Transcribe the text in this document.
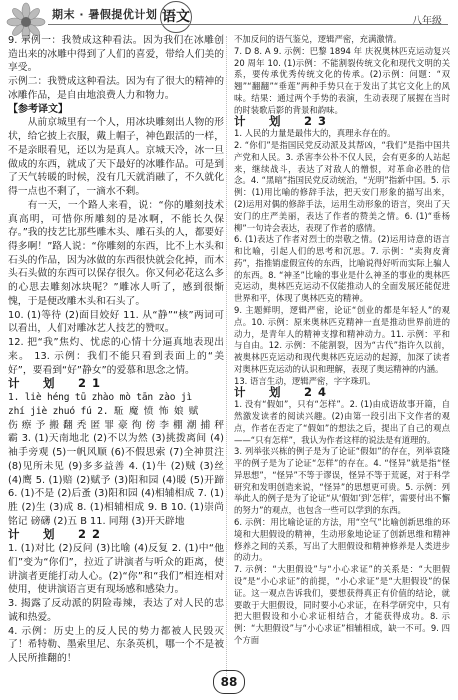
期末 · 暑假提优计划 语文	八年级

9. 示例一：我赞成这种看法。因为我们在冰雕创造出来的冰雕中得到了人们的喜爱，带给人们美的享受。

示例二：我赞成这种看法。因为有了很大的精神的冰雕作品，是自由地浪费人力和物力。

【参考译文】

从前京城里有一个人，用冰块雕刻出人物的形状，给它披上衣服，戴上帽子，神色跟活的一样，不是亲眼看见，还以为是真人。京城天冷，冰一旦做成的东西，就成了天下最好的冰雕作品。可是到了天气转暖的时候，没有几天就消融了，不久就化得一点也不剩了，一滴水不剩。

有一天，一个路人来看，说：“你的雕刻技术真高明，可惜你所雕刻的是冰啊，不能长久保存。”我的技艺比那些雕木头、雕石头的人，都要好得多啊！”路人说：“你雕刻的东西，比不上木头和石头的作品，因为冰做的东西很快就会化掉，而木头石头做的东西可以保存很久。你又何必花这么多的心思去雕刻冰块呢？”雕冰人听了，感到很惭愧，于是便改雕木头和石头了。

10. (1)等待 (2)面目姣好 11. 从“静”“核”两词可以看出，人们对雕冰艺人技艺的赞叹。

12. 把“我”焦灼、忧虑的心情十分逼真地表现出来。 13. 示例：我们不能只看到表面上的“美好”，要看到“好”静女”的爱慕和思念之情。

计　划　21

1. liè héng tū zhào mò tān zào jì

zhí jiè zhuó fú 2. 駈 魔 愤 怖 娘 赋

伤 瘵 予 搬 翻 秃 匿 罪 豪 徇 傍 李 棚 潮 捕 秤 霸 3. (1)天南地北 (2)不以为然 (3)挑拨离间 (4)袖手旁观 (5)一帆风顺 (6)不假思索 (7)全神贯注 (8)见所未见 (9)多多益善 4. (1)牛 (2)贼 (3)丝 (4)鹰 5. (1)赔 (2)赋予 (3)阳和园 (4)暖 (5)开蹄 6. (1)不是 (2)后蚤 (3)阳和园 (4)相辅相成 7. (1)胜 (2)生 (3)成 8. (1)相辅相成 9. B 10. (1)崇尚 铭记 磅礴 (2)五 B 11. 同翔 (3)开天辟地

计　划　22

1. (1)对比 (2)反问 (3)比喻 (4)反复 2. (1)中“他们”变为“你们”，拉近了讲演者与听众的距离，使讲演者更能打动人心。(2)“你”和“我们”相连相对使用，使讲演语言更有现场感和感染力。

3. 揭露了反动派的阴险毒辣，表达了对人民的忠诚和热爱。

4. 示例：历史上的反人民的势力都被人民毁灭了！希特勒、墨索里尼、东条英机，哪一个不是被人民所推翻的！

不加反问的语气鉴兑，逻辑严密，充满激情。

7. D 8. A 9. 示例：巴黎 1894 年 庆祝奥林匹克运动复兴 20 周年 10. (1)示例：不能割裂传统文化和现代文明的关系，要传承优秀传统文化的传承。(2)示例：问题：“双翘”“翻翻”“垂莲”两种手势只在于发出了其它文化上的风味。结果：通过两个手势的表演，生动表现了展握在当时的时装歌后影的背景和韵味。

计　划　23

1. 人民的力量是最伟大的，真理永存在的。

2. “你们”是指国民党反动派及其帮凶，“我们”是指中国共产党和人民。3. 杀害李公朴不仅人民，会有更多的人站起来，继续战斗，表达了对敌人的憎恨，对革命必胜的信念。4. “黑暗”指国民党反动统治，“光明”指新中国。5. 示例：(1)用比喻的修辞手法，把天安门形象的描写出来，(2)运用对偶的修辞手法，运用生动形象的语言，突出了天安门的庄严美丽，表达了作者的赞美之情。6. (1)“垂杨柳”一句诗会表达，表现了作者的感情。

6. (1)表达了作者对烈士的崇敬之情。(2)运用诗意的语言和比喻，引起人们的思考和沉思。7. 示例：“卖狗皮膏药”，指推销虚假宣传的东西，比喻说得好听而实际上骗人的东西。8. “神圣”比喻的事业是什么神圣的事业的奥林匹克运动，奥林匹克运动不仅能推动人的全面发展还能促进世界和平，体现了奥林匹克的精神。

9. 主题鲜明，逻辑严密，论证“创业的都是年轻人”的观点。10. 示例：原来奥林匹克精神一直是推动世界前进的动力，是青年人的精神支撑和精神动力。11. 示例：平和与自由。12. 示例：不能割裂，因为“古代”指许久以前，被奥林匹克运动和现代奥林匹克运动的起源，加深了读者对奥林匹克运动的认识和理解，表现了奥运精神的内涵。

13. 语言生动，逻辑严密，字字珠玑。

计　划　24

1. 没有“假如”，只有“怎样”。2. (1)由成语故事开篇，自然激发读者的阅读兴趣。(2)由第一段引出下文作者的观点，作者在否定了“假如”的想法之后，提出了自己的观点——“只有怎样”，我认为作者这样的说法是有道理的。

3. 列举张兴栋的例子是为了论证“假如”的存在，列举袁隆平的例子是为了论证“怎样”的存在。4. “怪异”就是指“怪异思想”，“怪异”不等于谬误，怪异不等于荒诞，对于科学研究和发明创造来说，“怪异”的思想更可贵。5. 示例：列举此人的例子是为了论证“从‘假如’到‘怎样’，需要付出不懈的努力”的观点，也包含一些可以学到的东西。

6. 示例：用比喻论证的方法，用“空气”比喻创新思维的环境和大胆假设的精神，生动形象地论证了创新思维和精神修养之间的关系，写出了大胆假设和精神修养是人类进步的动力。

7. 示例：“大胆假设”与“小心求证”的关系是：“大胆假设”是“小心求证”的前提，“小心求证”是“大胆假设”的保证。这一观点告诉我们，要想获得真正有价值的结论，就要敢于大胆假设，同时要小心求证，在科学研究中，只有把大胆假设和小心求证相结合，才能获得成功。8. 示例：“大胆假设”与“小心求证”相辅相成，缺一不可。9. 四个方面

88
